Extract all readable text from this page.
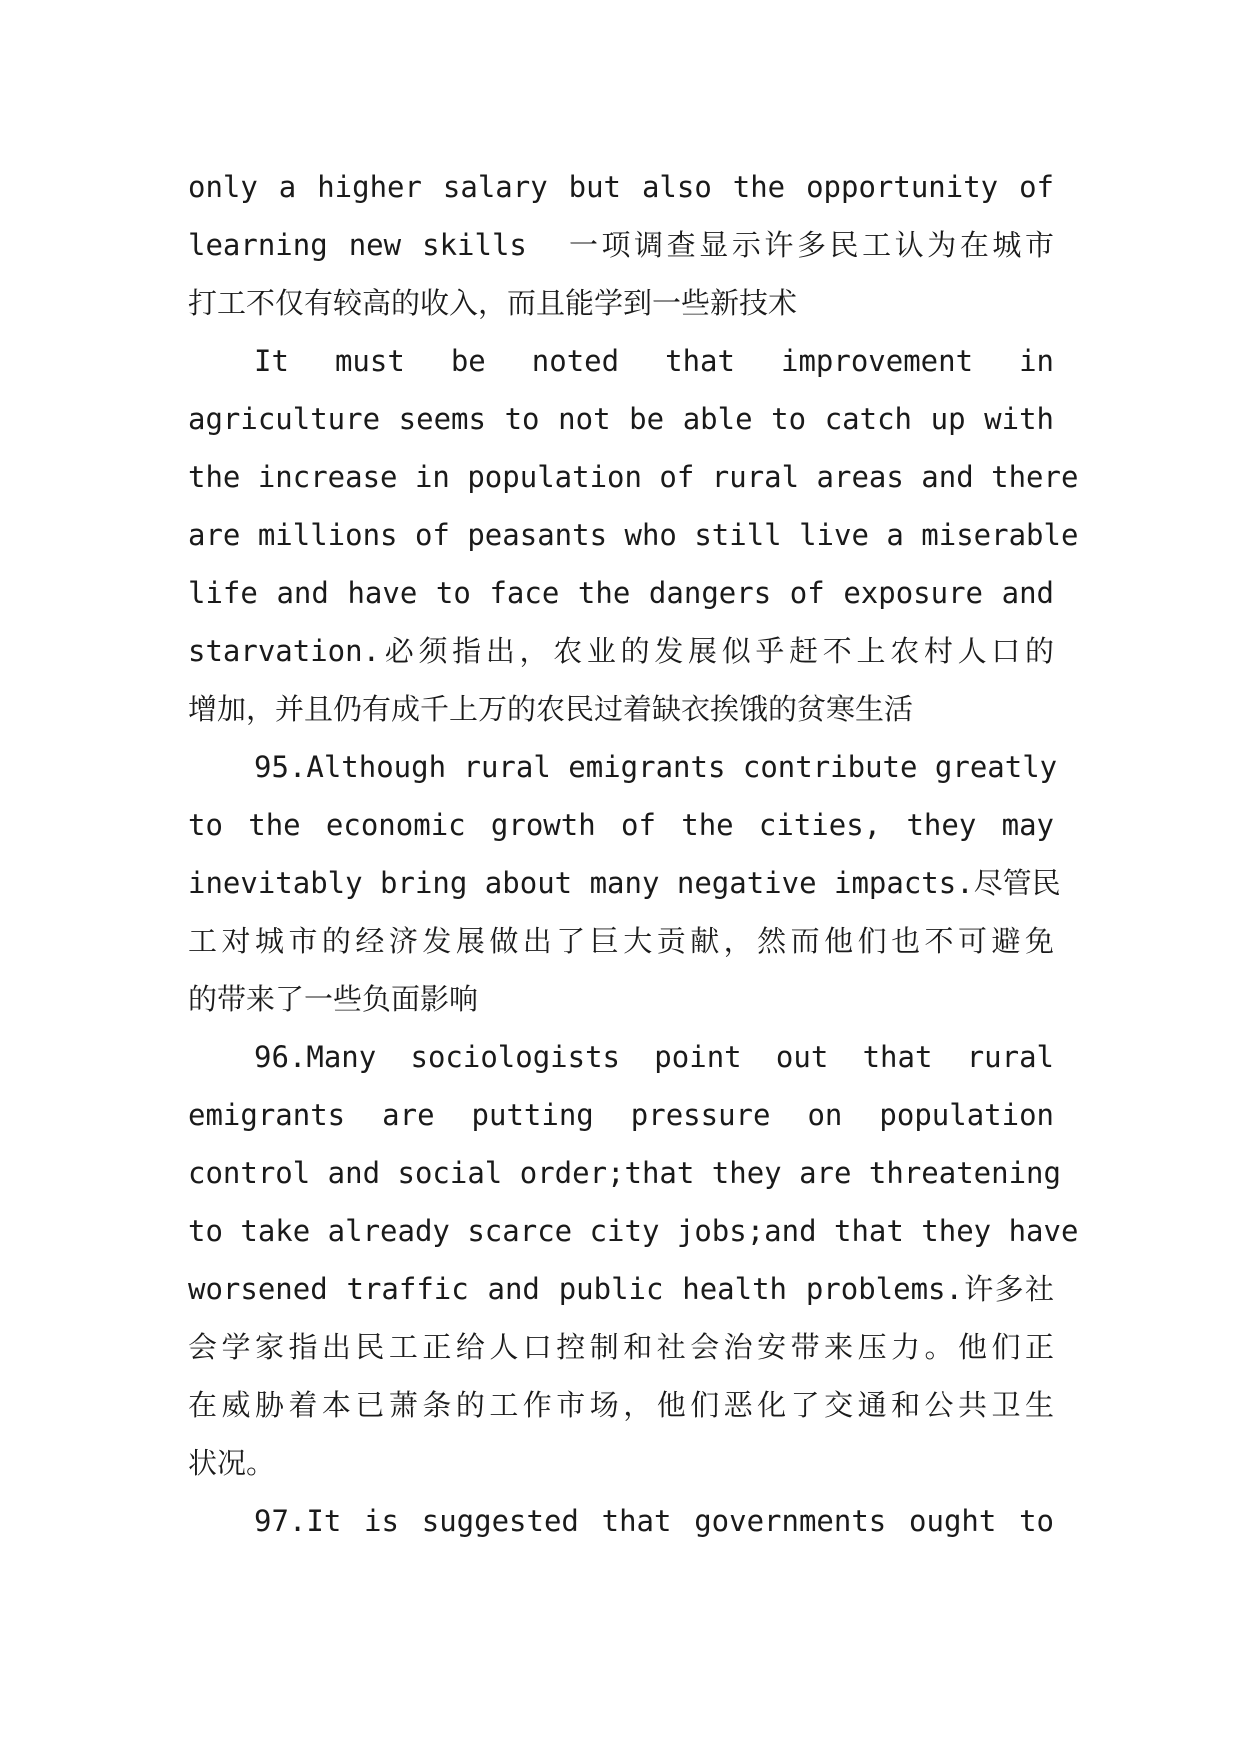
only a higher salary but also the opportunity of
learning new skills  一项调查显示许多民工认为在城市
打工不仅有较高的收入，而且能学到一些新技术
It must be noted that improvement in
agriculture seems to not be able to catch up with
the increase in population of rural areas and there
are millions of peasants who still live a miserable
life and have to face the dangers of exposure and
starvation.必须指出，农业的发展似乎赶不上农村人口的
增加，并且仍有成千上万的农民过着缺衣挨饿的贫寒生活
95.Although rural emigrants contribute greatly
to the economic growth of the cities, they may
inevitably bring about many negative impacts.尽管民
工对城市的经济发展做出了巨大贡献，然而他们也不可避免
的带来了一些负面影响
96.Many sociologists point out that rural
emigrants are putting pressure on population
control and social order;that they are threatening
to take already scarce city jobs;and that they have
worsened traffic and public health problems.许多社
会学家指出民工正给人口控制和社会治安带来压力。他们正
在威胁着本已萧条的工作市场，他们恶化了交通和公共卫生
状况。
97.It is suggested that governments ought to
